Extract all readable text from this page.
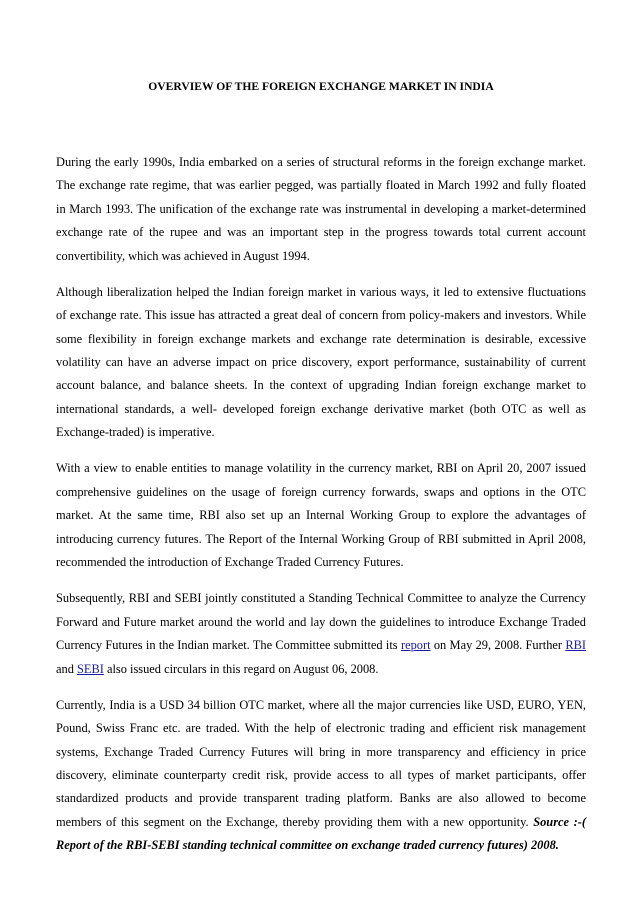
OVERVIEW OF THE FOREIGN EXCHANGE MARKET IN INDIA

During the early 1990s, India embarked on a series of structural reforms in the foreign exchange market. The exchange rate regime, that was earlier pegged, was partially floated in March 1992 and fully floated in March 1993. The unification of the exchange rate was instrumental in developing a market-determined exchange rate of the rupee and was an important step in the progress towards total current account convertibility, which was achieved in August 1994.

Although liberalization helped the Indian foreign market in various ways, it led to extensive fluctuations of exchange rate. This issue has attracted a great deal of concern from policy-makers and investors. While some flexibility in foreign exchange markets and exchange rate determination is desirable, excessive volatility can have an adverse impact on price discovery, export performance, sustainability of current account balance, and balance sheets. In the context of upgrading Indian foreign exchange market to international standards, a well- developed foreign exchange derivative market (both OTC as well as Exchange-traded) is imperative.

With a view to enable entities to manage volatility in the currency market, RBI on April 20, 2007 issued comprehensive guidelines on the usage of foreign currency forwards, swaps and options in the OTC market. At the same time, RBI also set up an Internal Working Group to explore the advantages of introducing currency futures. The Report of the Internal Working Group of RBI submitted in April 2008, recommended the introduction of Exchange Traded Currency Futures.

Subsequently, RBI and SEBI jointly constituted a Standing Technical Committee to analyze the Currency Forward and Future market around the world and lay down the guidelines to introduce Exchange Traded Currency Futures in the Indian market. The Committee submitted its report on May 29, 2008. Further RBI and SEBI also issued circulars in this regard on August 06, 2008.

Currently, India is a USD 34 billion OTC market, where all the major currencies like USD, EURO, YEN, Pound, Swiss Franc etc. are traded. With the help of electronic trading and efficient risk management systems, Exchange Traded Currency Futures will bring in more transparency and efficiency in price discovery, eliminate counterparty credit risk, provide access to all types of market participants, offer standardized products and provide transparent trading platform. Banks are also allowed to become members of this segment on the Exchange, thereby providing them with a new opportunity. Source :-( Report of the RBI-SEBI standing technical committee on exchange traded currency futures) 2008.
